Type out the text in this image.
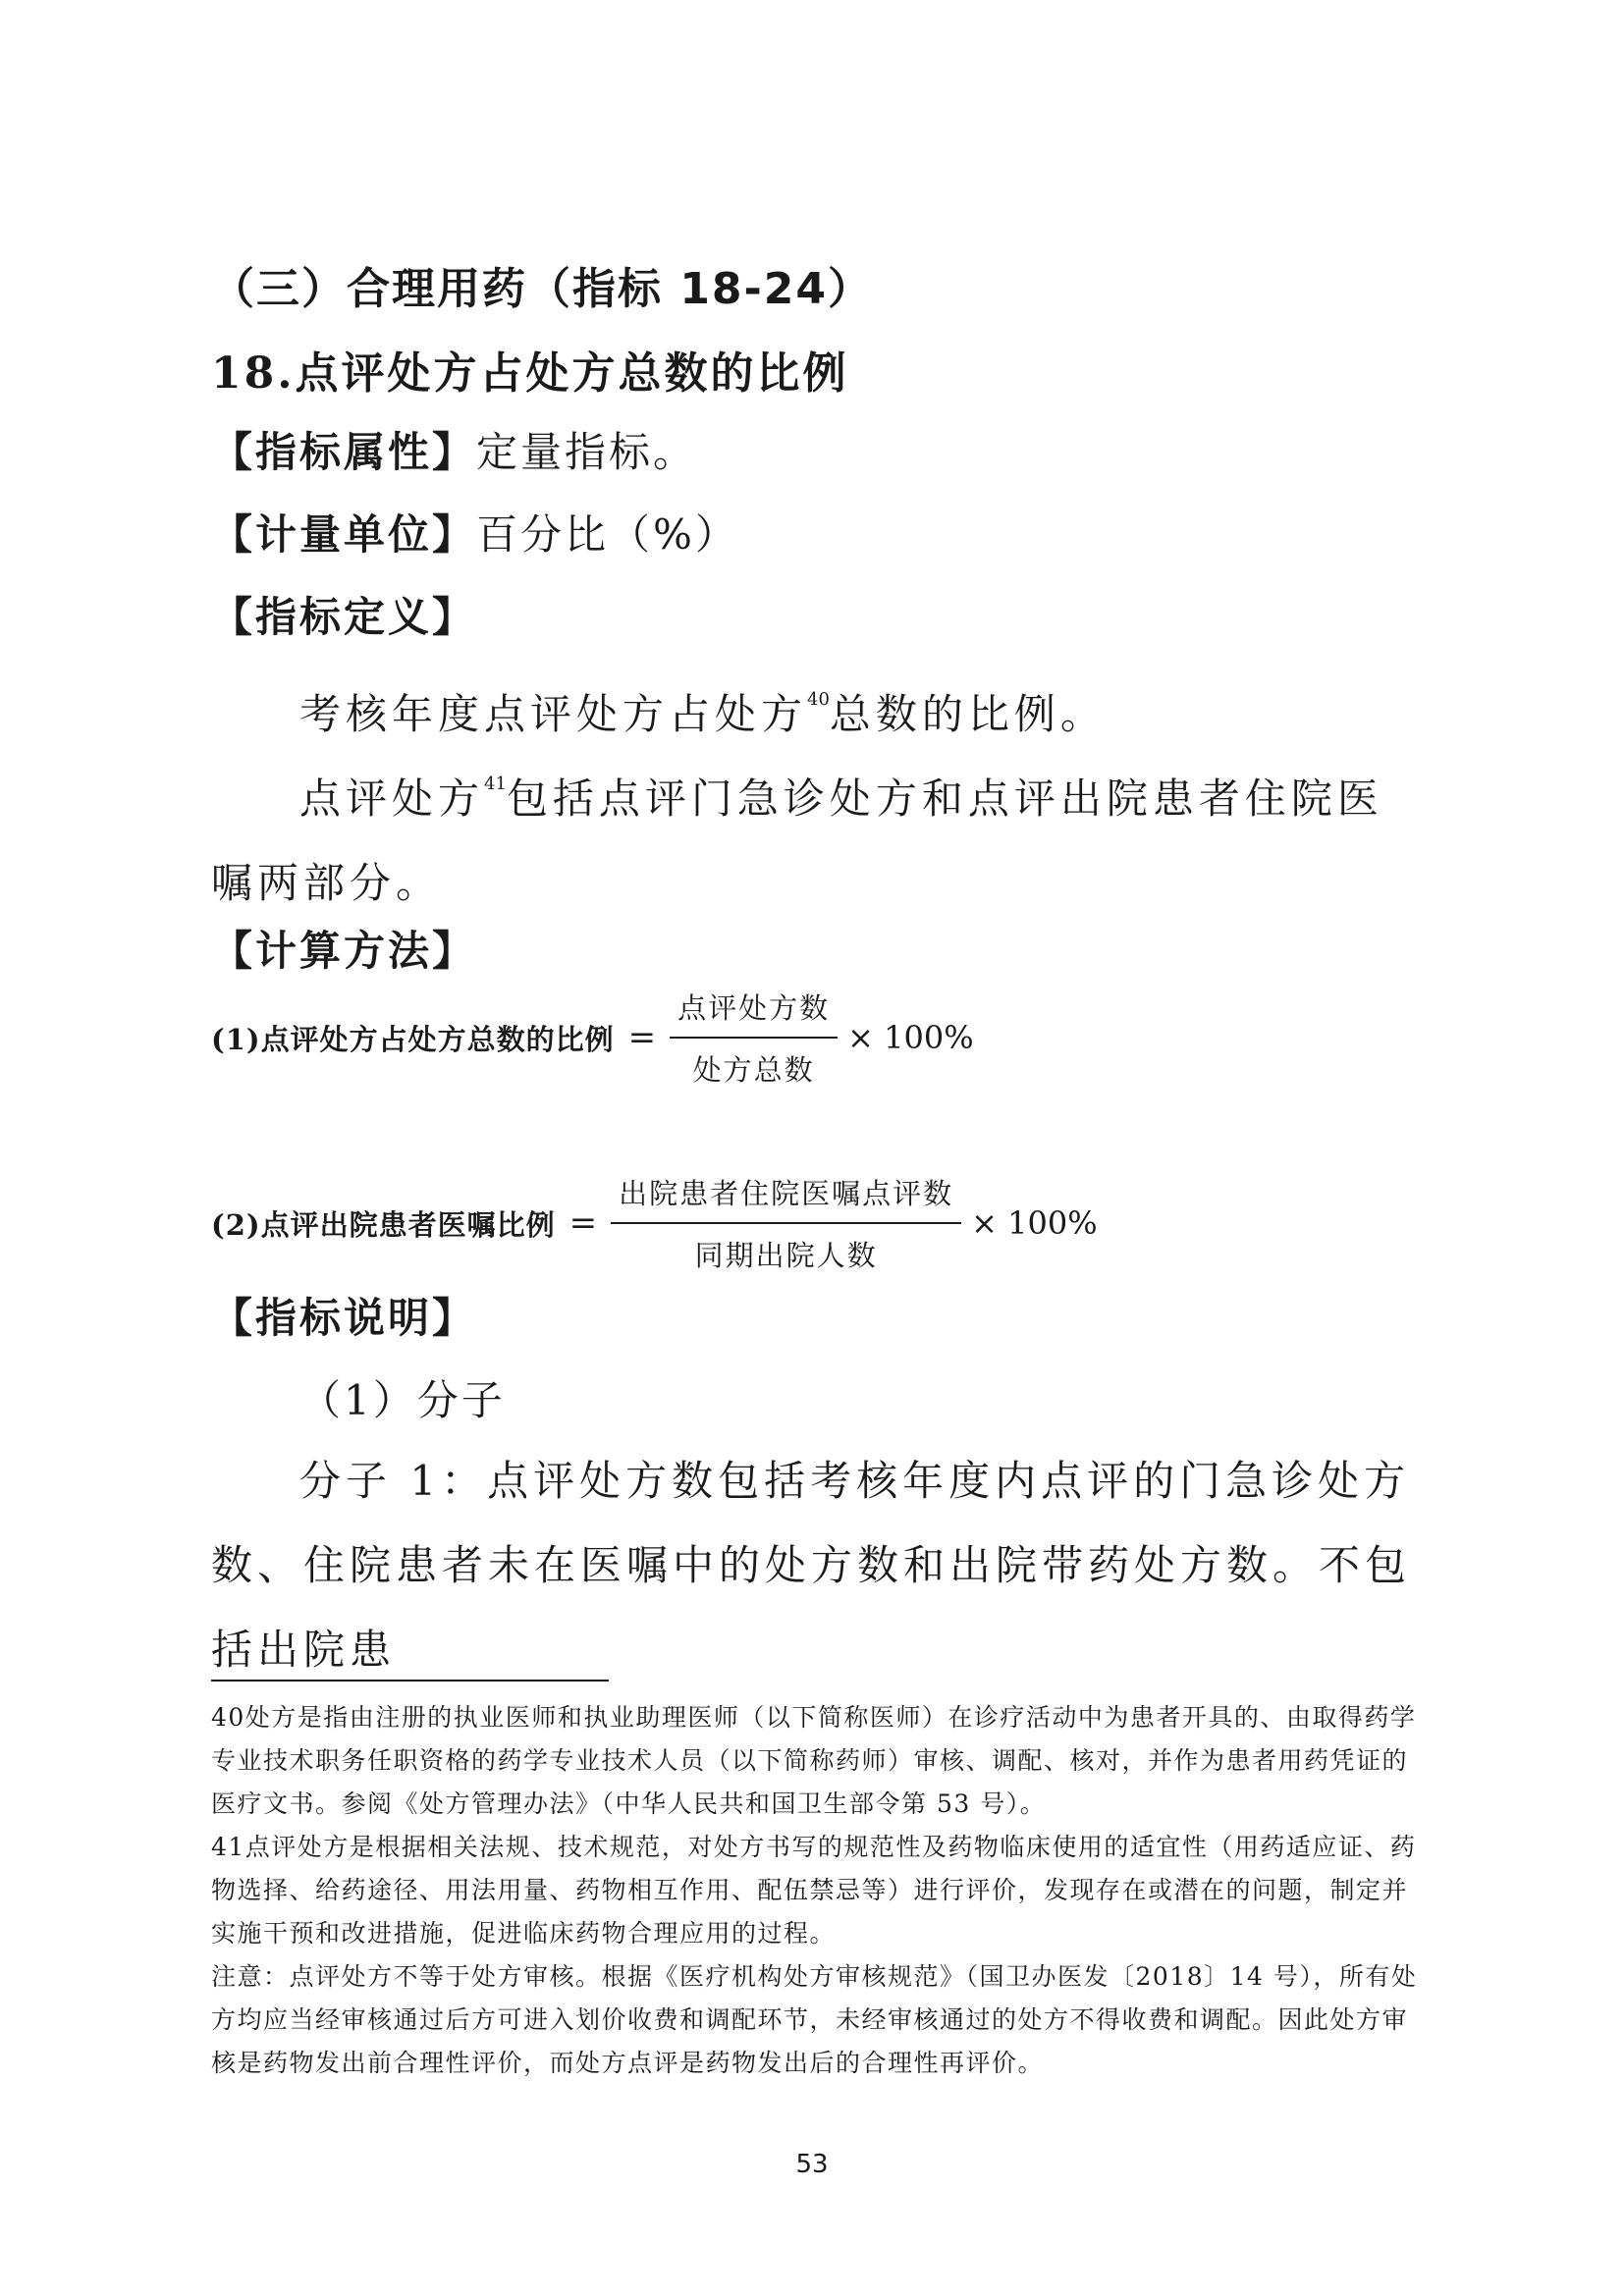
（三）合理用药（指标 18-24）
18.点评处方占处方总数的比例
【指标属性】定量指标。
【计量单位】百分比（%）
【指标定义】
考核年度点评处方占处方$^{40}$总数的比例。
点评处方$^{41}$包括点评门急诊处方和点评出院患者住院医嘱两部分。
【计算方法】
(1)点评处方占处方总数的比例 = $\frac{\text{点评处方数}}{\text{处方总数}} \times 100\%$
(2)点评出院患者医嘱比例 = $\frac{\text{出院患者住院医嘱点评数}}{\text{同期出院人数}} \times 100\%$
【指标说明】
（1）分子
分子 1：点评处方数包括考核年度内点评的门急诊处方数、住院患者未在医嘱中的处方数和出院带药处方数。不包括出院患
40处方是指由注册的执业医师和执业助理医师（以下简称医师）在诊疗活动中为患者开具的、由取得药学专业技术职务任职资格的药学专业技术人员（以下简称药师）审核、调配、核对，并作为患者用药凭证的医疗文书。参阅《处方管理办法》（中华人民共和国卫生部令第 53 号）。
41点评处方是根据相关法规、技术规范，对处方书写的规范性及药物临床使用的适宜性（用药适应证、药物选择、给药途径、用法用量、药物相互作用、配伍禁忌等）进行评价，发现存在或潜在的问题，制定并实施干预和改进措施，促进临床药物合理应用的过程。
注意：点评处方不等于处方审核。根据《医疗机构处方审核规范》（国卫办医发〔2018〕14 号），所有处方均应当经审核通过后方可进入划价收费和调配环节，未经审核通过的处方不得收费和调配。因此处方审核是药物发出前合理性评价，而处方点评是药物发出后的合理性再评价。
53
